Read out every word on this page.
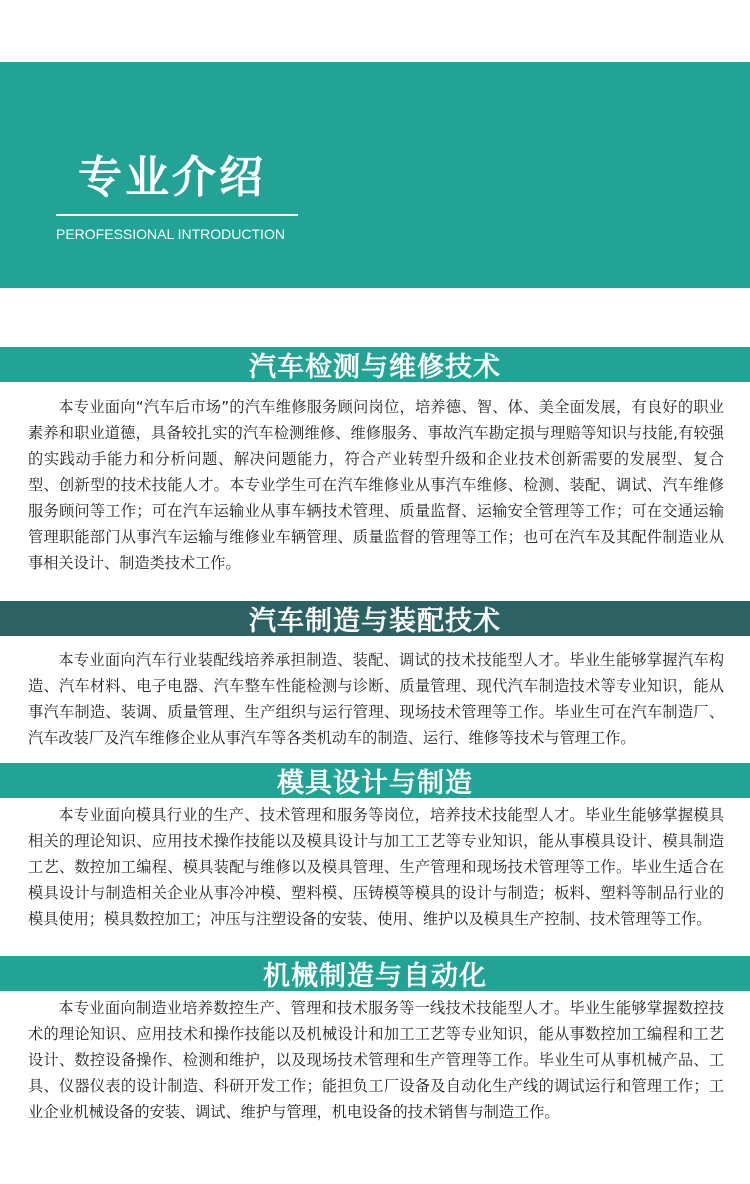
专业介绍
PEROFESSIONAL INTRODUCTION
汽车检测与维修技术

本专业面向“汽车后市场”的汽车维修服务顾问岗位，培养德、智、体、美全面发展，有良好的职业素养和职业道德，具备较扎实的汽车检测维修、维修服务、事故汽车勘定损与理赔等知识与技能,有较强的实践动手能力和分析问题、解决问题能力，符合产业转型升级和企业技术创新需要的发展型、复合型、创新型的技术技能人才。本专业学生可在汽车维修业从事汽车维修、检测、装配、调试、汽车维修服务顾问等工作；可在汽车运输业从事车辆技术管理、质量监督、运输安全管理等工作；可在交通运输管理职能部门从事汽车运输与维修业车辆管理、质量监督的管理等工作；也可在汽车及其配件制造业从事相关设计、制造类技术工作。

汽车制造与装配技术

本专业面向汽车行业装配线培养承担制造、装配、调试的技术技能型人才。毕业生能够掌握汽车构造、汽车材料、电子电器、汽车整车性能检测与诊断、质量管理、现代汽车制造技术等专业知识，能从事汽车制造、装调、质量管理、生产组织与运行管理、现场技术管理等工作。毕业生可在汽车制造厂、汽车改装厂及汽车维修企业从事汽车等各类机动车的制造、运行、维修等技术与管理工作。

模具设计与制造

本专业面向模具行业的生产、技术管理和服务等岗位，培养技术技能型人才。毕业生能够掌握模具相关的理论知识、应用技术操作技能以及模具设计与加工工艺等专业知识，能从事模具设计、模具制造工艺、数控加工编程、模具装配与维修以及模具管理、生产管理和现场技术管理等工作。毕业生适合在模具设计与制造相关企业从事冷冲模、塑料模、压铸模等模具的设计与制造；板料、塑料等制品行业的模具使用；模具数控加工；冲压与注塑设备的安装、使用、维护以及模具生产控制、技术管理等工作。

机械制造与自动化

本专业面向制造业培养数控生产、管理和技术服务等一线技术技能型人才。毕业生能够掌握数控技术的理论知识、应用技术和操作技能以及机械设计和加工工艺等专业知识，能从事数控加工编程和工艺设计、数控设备操作、检测和维护，以及现场技术管理和生产管理等工作。毕业生可从事机械产品、工具、仪器仪表的设计制造、科研开发工作；能担负工厂设备及自动化生产线的调试运行和管理工作；工业企业机械设备的安装、调试、维护与管理，机电设备的技术销售与制造工作。
